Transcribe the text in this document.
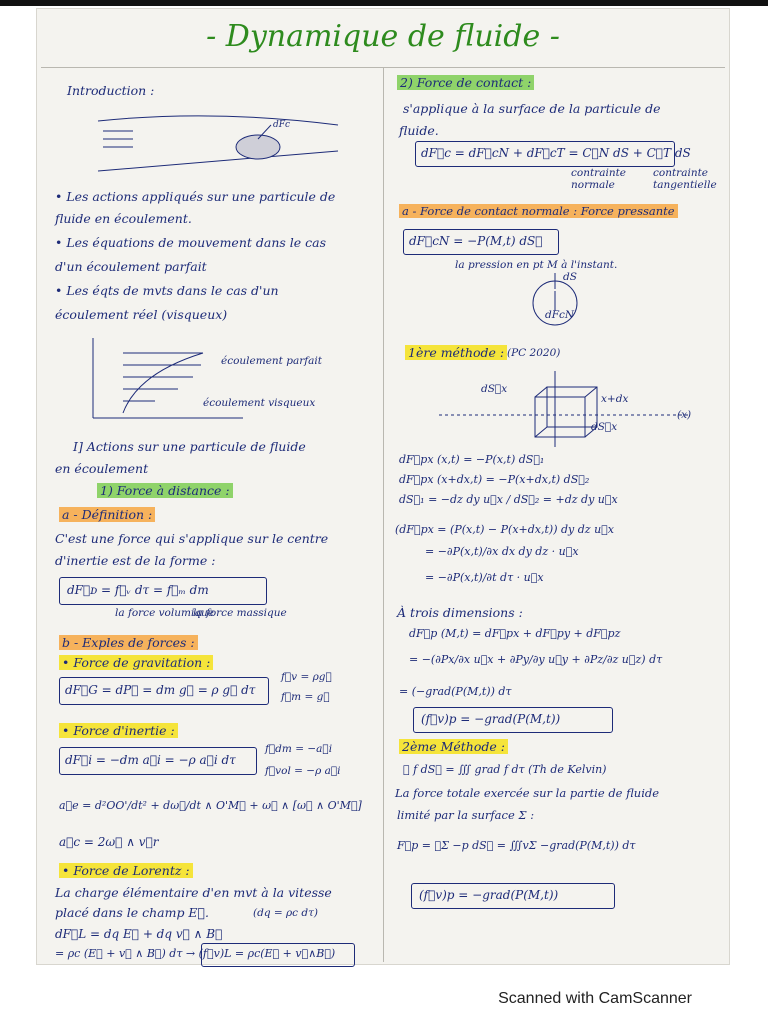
- Dynamique de fluide -
Introduction :
dFc
• Les actions appliqués sur une particule de
fluide en écoulement.
• Les équations de mouvement dans le cas
d'un écoulement parfait
• Les éqts de mvts dans le cas d'un
écoulement réel (visqueux)
écoulement parfait
écoulement visqueux
I] Actions sur une particule de fluide
en écoulement
1) Force à distance :
a - Définition :
C'est une force qui s'applique sur le centre
d'inertie est de la forme :
dF⃗ᴅ = f⃗ᵥ dτ = f⃗ₘ dm
la force volumique
la force massique
b - Exples de forces :
• Force de gravitation :
dF⃗G = dP⃗ = dm g⃗ = ρ g⃗ dτ
f⃗v = ρg⃗
f⃗m = g⃗
• Force d'inertie :
dF⃗i = −dm a⃗i = −ρ a⃗i dτ
f⃗dm = −a⃗i
f⃗vol = −ρ a⃗i
a⃗e = d²OO'/dt² + dω⃗/dt ∧ O'M⃗ + ω⃗ ∧ [ω⃗ ∧ O'M⃗]
a⃗c = 2ω⃗ ∧ v⃗r
• Force de Lorentz :
La charge élémentaire d'en mvt à la vitesse
placé dans le champ E⃗.	(dq = ρc dτ)
dF⃗L = dq E⃗ + dq v⃗ ∧ B⃗
= ρc (E⃗ + v⃗ ∧ B⃗) dτ → (f⃗v)L = ρc(E⃗ + v⃗∧B⃗)
2) Force de contact :
s'applique à la surface de la particule de
fluide.
dF⃗c = dF⃗cN + dF⃗cT = C⃗N dS + C⃗T dS
contrainte
normale
contrainte
tangentielle
a - Force de contact normale : Force pressante
dF⃗cN = −P(M,t) dS⃗
la pression en pt M à l'instant.
dS
dFcN
1ère méthode : (PC 2020)
dS⃗x
x+dx
dS⃗x
(x)
dF⃗px (x,t) = −P(x,t) dS⃗₁
dF⃗px (x+dx,t) = −P(x+dx,t) dS⃗₂
dS⃗₁ = −dz dy u⃗x / dS⃗₂ = +dz dy u⃗x
(dF⃗px = (P(x,t) − P(x+dx,t)) dy dz u⃗x
= −∂P(x,t)/∂x dx dy dz · u⃗x
= −∂P(x,t)/∂t dτ · u⃗x
À trois dimensions :
dF⃗p (M,t) = dF⃗px + dF⃗py + dF⃗pz
= −(∂Px/∂x u⃗x + ∂Py/∂y u⃗y + ∂Pz/∂z u⃗z) dτ
= (−grad(P(M,t)) dτ
(f⃗v)p = −grad(P(M,t))
2ème Méthode :
∯ f dS⃗ = ∭ grad f dτ (Th de Kelvin)
La force totale exercée sur la partie de fluide
limité par la surface Σ :
F⃗p = ∯Σ −p dS⃗ = ∭vΣ −grad(P(M,t)) dτ
(f⃗v)p = −grad(P(M,t))
Scanned with CamScanner
